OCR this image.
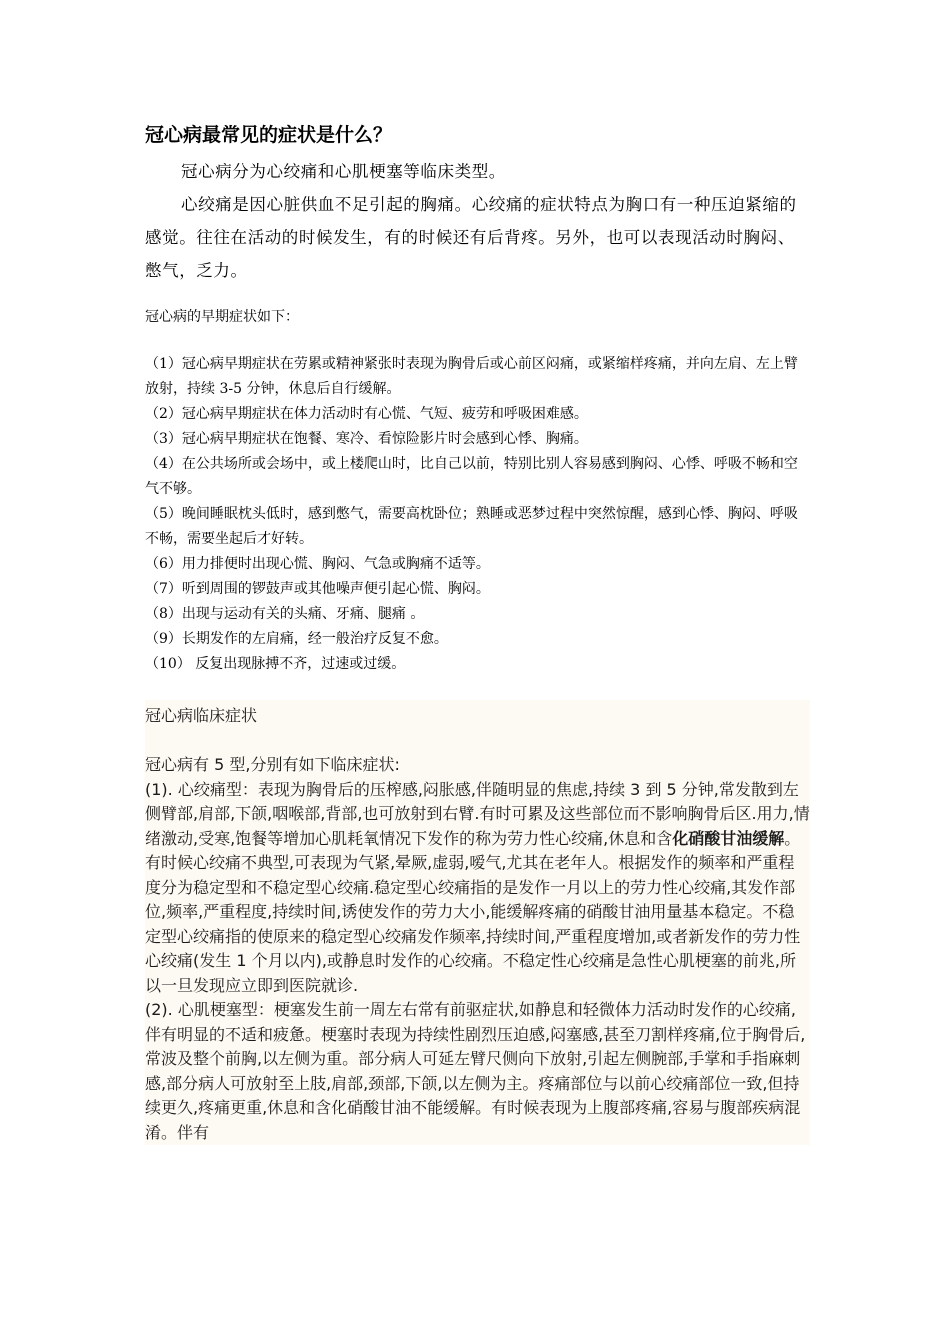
冠心病最常见的症状是什么？

冠心病分为心绞痛和心肌梗塞等临床类型。

心绞痛是因心脏供血不足引起的胸痛。心绞痛的症状特点为胸口有一种压迫紧缩的感觉。往往在活动的时候发生，有的时候还有后背疼。另外，也可以表现活动时胸闷、憋气，乏力。

冠心病的早期症状如下：

（1）冠心病早期症状在劳累或精神紧张时表现为胸骨后或心前区闷痛，或紧缩样疼痛，并向左肩、左上臂放射，持续 3-5 分钟，休息后自行缓解。

（2）冠心病早期症状在体力活动时有心慌、气短、疲劳和呼吸困难感。

（3）冠心病早期症状在饱餐、寒冷、看惊险影片时会感到心悸、胸痛。

（4）在公共场所或会场中，或上楼爬山时，比自己以前，特别比别人容易感到胸闷、心悸、呼吸不畅和空气不够。

（5）晚间睡眠枕头低时，感到憋气，需要高枕卧位；熟睡或恶梦过程中突然惊醒，感到心悸、胸闷、呼吸不畅，需要坐起后才好转。

（6）用力排便时出现心慌、胸闷、气急或胸痛不适等。

（7）听到周围的锣鼓声或其他噪声便引起心慌、胸闷。

（8）出现与运动有关的头痛、牙痛、腿痛 。

（9）长期发作的左肩痛，经一般治疗反复不愈。

（10） 反复出现脉搏不齐，过速或过缓。

冠心病临床症状

冠心病有 5 型,分别有如下临床症状:

(1). 心绞痛型：表现为胸骨后的压榨感,闷胀感,伴随明显的焦虑,持续 3 到 5 分钟,常发散到左侧臂部,肩部,下颌,咽喉部,背部,也可放射到右臂.有时可累及这些部位而不影响胸骨后区.用力,情绪激动,受寒,饱餐等增加心肌耗氧情况下发作的称为劳力性心绞痛,休息和含化硝酸甘油缓解。有时候心绞痛不典型,可表现为气紧,晕厥,虚弱,嗳气,尤其在老年人。根据发作的频率和严重程度分为稳定型和不稳定型心绞痛.稳定型心绞痛指的是发作一月以上的劳力性心绞痛,其发作部位,频率,严重程度,持续时间,诱使发作的劳力大小,能缓解疼痛的硝酸甘油用量基本稳定。不稳定型心绞痛指的使原来的稳定型心绞痛发作频率,持续时间,严重程度增加,或者新发作的劳力性心绞痛(发生 1 个月以内),或静息时发作的心绞痛。不稳定性心绞痛是急性心肌梗塞的前兆,所以一旦发现应立即到医院就诊.

(2). 心肌梗塞型：梗塞发生前一周左右常有前驱症状,如静息和轻微体力活动时发作的心绞痛,伴有明显的不适和疲惫。梗塞时表现为持续性剧烈压迫感,闷塞感,甚至刀割样疼痛,位于胸骨后,常波及整个前胸,以左侧为重。部分病人可延左臂尺侧向下放射,引起左侧腕部,手掌和手指麻刺感,部分病人可放射至上肢,肩部,颈部,下颌,以左侧为主。疼痛部位与以前心绞痛部位一致,但持续更久,疼痛更重,休息和含化硝酸甘油不能缓解。有时候表现为上腹部疼痛,容易与腹部疾病混淆。伴有
